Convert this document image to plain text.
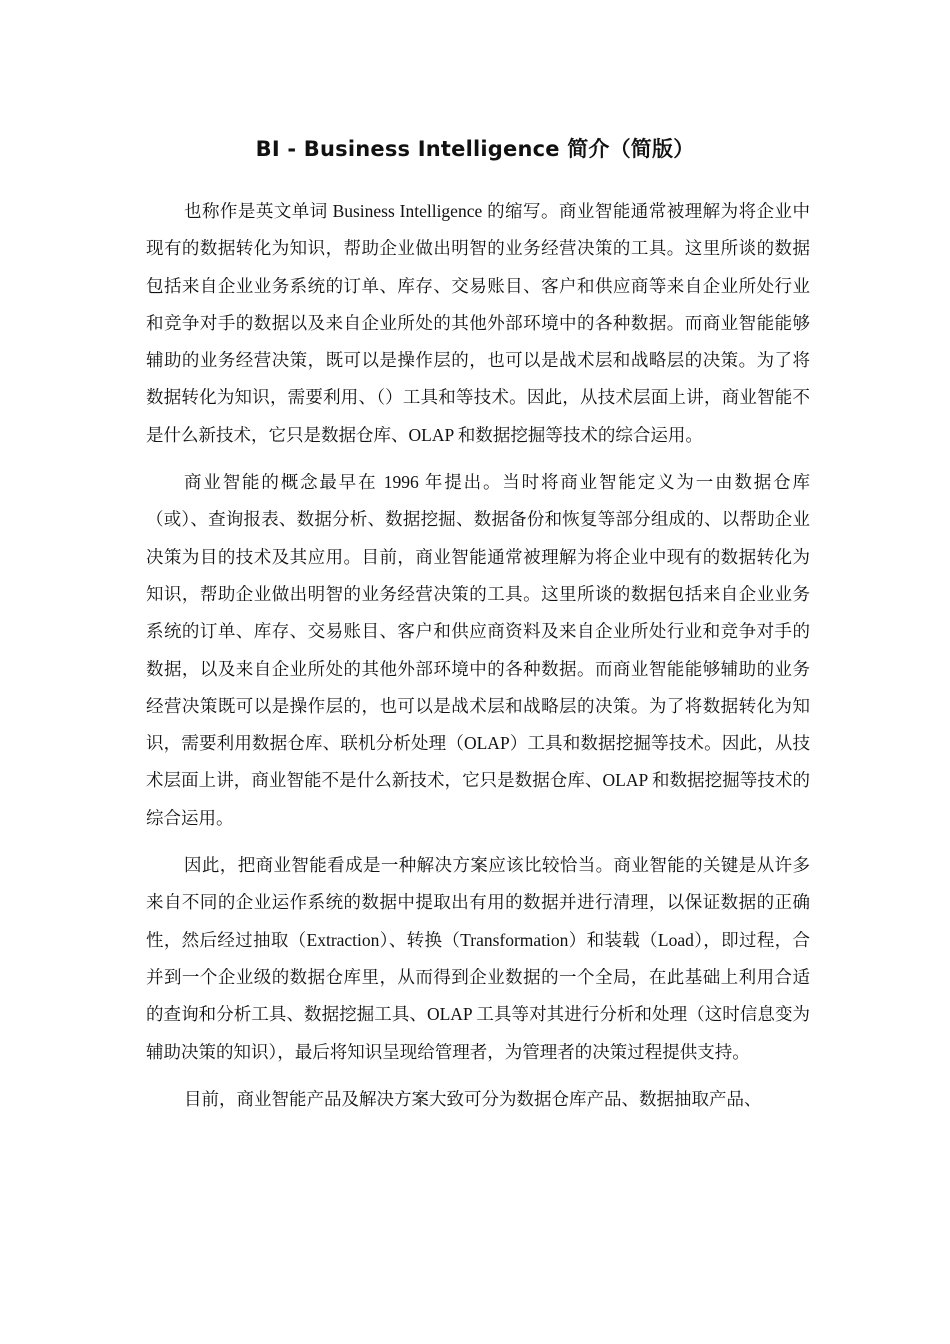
BI - Business Intelligence 简介（简版）

也称作是英文单词 Business Intelligence 的缩写。商业智能通常被理解为将企业中现有的数据转化为知识，帮助企业做出明智的业务经营决策的工具。这里所谈的数据包括来自企业业务系统的订单、库存、交易账目、客户和供应商等来自企业所处行业和竞争对手的数据以及来自企业所处的其他外部环境中的各种数据。而商业智能能够辅助的业务经营决策，既可以是操作层的，也可以是战术层和战略层的决策。为了将数据转化为知识，需要利用、（）工具和等技术。因此，从技术层面上讲，商业智能不是什么新技术，它只是数据仓库、OLAP 和数据挖掘等技术的综合运用。

商业智能的概念最早在 1996 年提出。当时将商业智能定义为一由数据仓库（或）、查询报表、数据分析、数据挖掘、数据备份和恢复等部分组成的、以帮助企业决策为目的技术及其应用。目前，商业智能通常被理解为将企业中现有的数据转化为知识，帮助企业做出明智的业务经营决策的工具。这里所谈的数据包括来自企业业务系统的订单、库存、交易账目、客户和供应商资料及来自企业所处行业和竞争对手的数据，以及来自企业所处的其他外部环境中的各种数据。而商业智能能够辅助的业务经营决策既可以是操作层的，也可以是战术层和战略层的决策。为了将数据转化为知识，需要利用数据仓库、联机分析处理（OLAP）工具和数据挖掘等技术。因此，从技术层面上讲，商业智能不是什么新技术，它只是数据仓库、OLAP 和数据挖掘等技术的综合运用。

因此，把商业智能看成是一种解决方案应该比较恰当。商业智能的关键是从许多来自不同的企业运作系统的数据中提取出有用的数据并进行清理，以保证数据的正确性，然后经过抽取（Extraction）、转换（Transformation）和装载（Load），即过程，合并到一个企业级的数据仓库里，从而得到企业数据的一个全局，在此基础上利用合适的查询和分析工具、数据挖掘工具、OLAP 工具等对其进行分析和处理（这时信息变为辅助决策的知识），最后将知识呈现给管理者，为管理者的决策过程提供支持。

目前，商业智能产品及解决方案大致可分为数据仓库产品、数据抽取产品、
